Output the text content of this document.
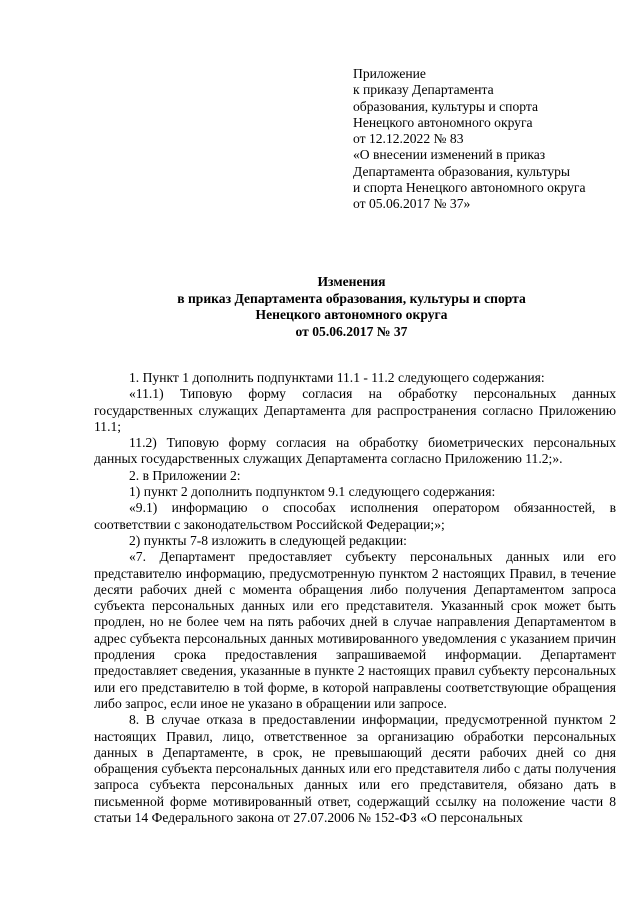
Приложение
к приказу Департамента
образования, культуры и спорта
Ненецкого автономного округа
от 12.12.2022 № 83
«О внесении изменений в приказ
Департамента образования, культуры
и спорта Ненецкого автономного округа
от 05.06.2017 № 37»
Изменения
в приказ Департамента образования, культуры и спорта
Ненецкого автономного округа
от 05.06.2017 № 37

1. Пункт 1 дополнить подпунктами 11.1 - 11.2 следующего содержания:

«11.1) Типовую форму согласия на обработку персональных данных государственных служащих Департамента для распространения согласно Приложению 11.1;

11.2) Типовую форму согласия на обработку биометрических персональных данных государственных служащих Департамента согласно Приложению 11.2;».

2. в Приложении 2:

1) пункт 2 дополнить подпунктом 9.1 следующего содержания:

«9.1) информацию о способах исполнения оператором обязанностей, в соответствии с законодательством Российской Федерации;»;

2) пункты 7-8 изложить в следующей редакции:

«7. Департамент предоставляет субъекту персональных данных или его представителю информацию, предусмотренную пунктом 2 настоящих Правил, в течение десяти рабочих дней с момента обращения либо получения Департаментом запроса субъекта персональных данных или его представителя. Указанный срок может быть продлен, но не более чем на пять рабочих дней в случае направления Департаментом в адрес субъекта персональных данных мотивированного уведомления с указанием причин продления срока предоставления запрашиваемой информации. Департамент предоставляет сведения, указанные в пункте 2 настоящих правил субъекту персональных или его представителю в той форме, в которой направлены соответствующие обращения либо запрос, если иное не указано в обращении или запросе.

8. В случае отказа в предоставлении информации, предусмотренной пунктом 2 настоящих Правил, лицо, ответственное за организацию обработки персональных данных в Департаменте, в срок, не превышающий десяти рабочих дней со дня обращения субъекта персональных данных или его представителя либо с даты получения запроса субъекта персональных данных или его представителя, обязано дать в письменной форме мотивированный ответ, содержащий ссылку на положение части 8 статьи 14 Федерального закона от 27.07.2006 № 152-ФЗ «О персональных
